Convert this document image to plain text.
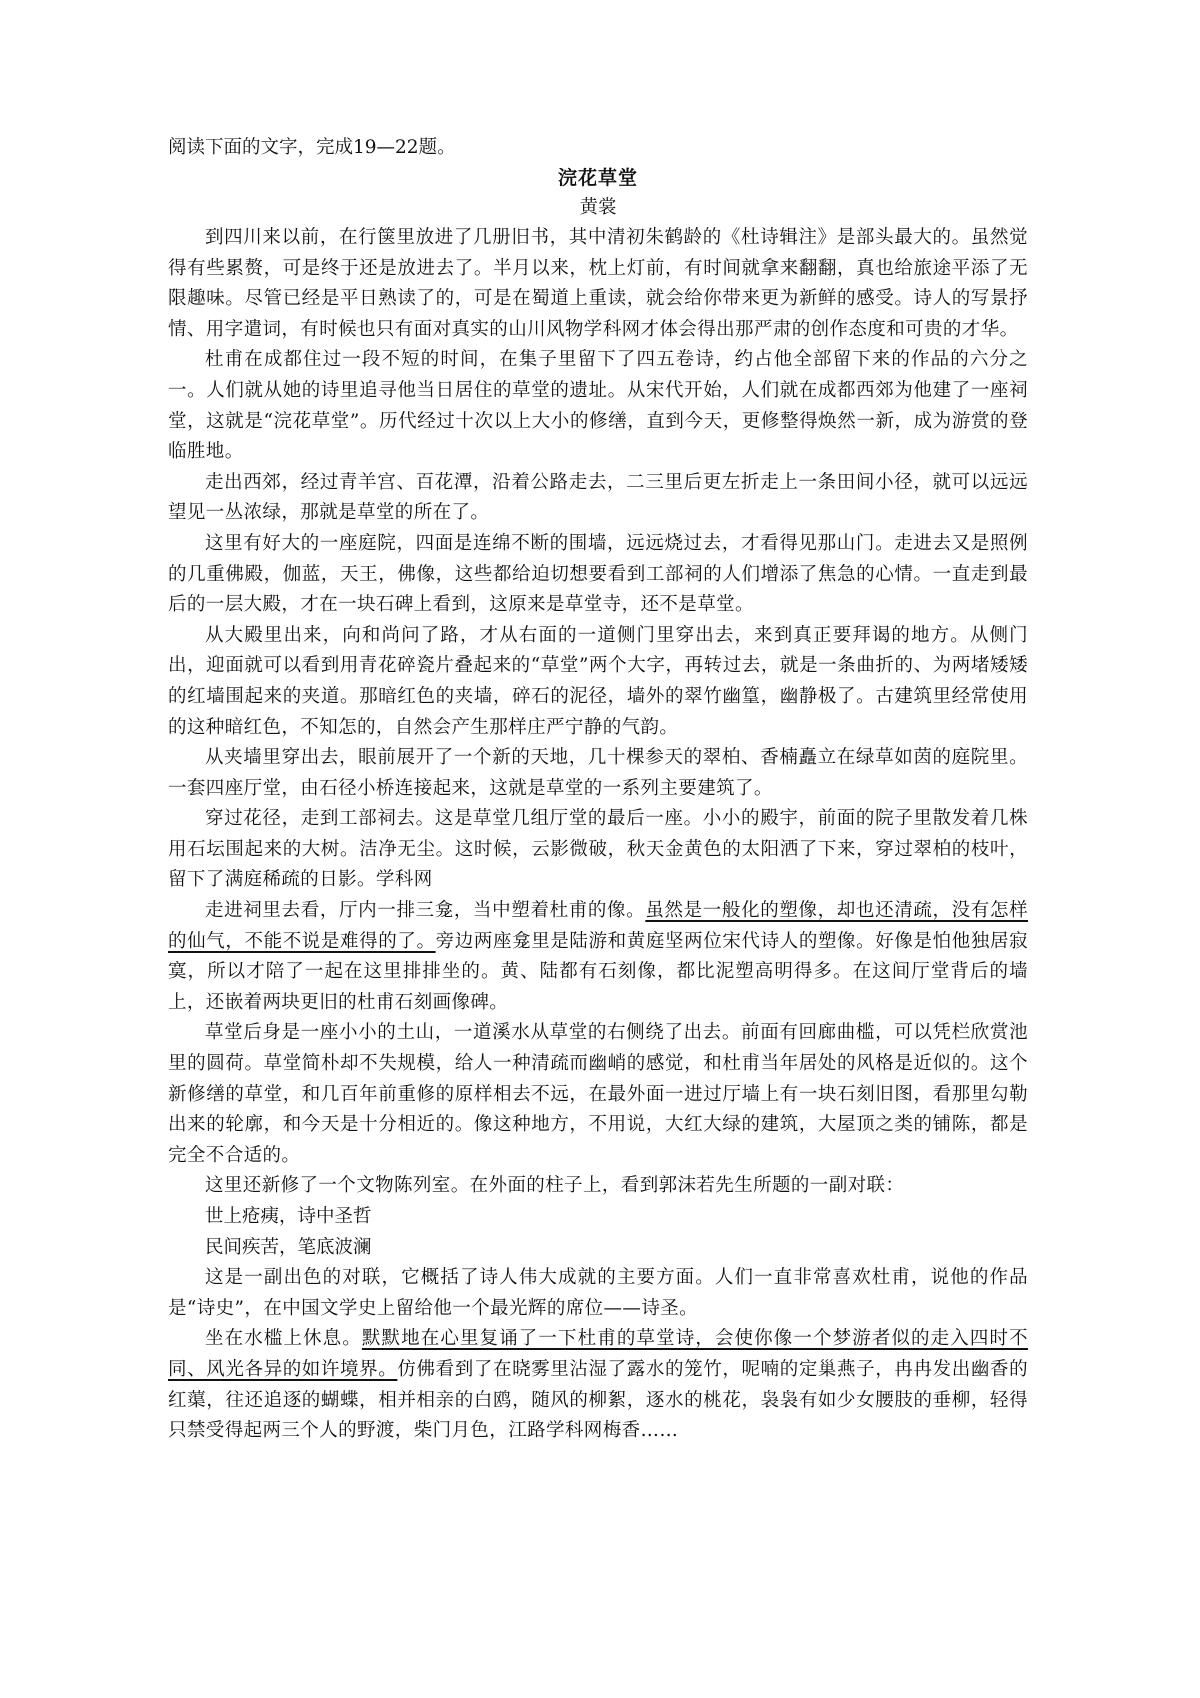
阅读下面的文字，完成19—22题。

浣花草堂

黄裳

到四川来以前，在行箧里放进了几册旧书，其中清初朱鹤龄的《杜诗辑注》是部头最大的。虽然觉得有些累赘，可是终于还是放进去了。半月以来，枕上灯前，有时间就拿来翻翻，真也给旅途平添了无限趣味。尽管已经是平日熟读了的，可是在蜀道上重读，就会给你带来更为新鲜的感受。诗人的写景抒情、用字遣词，有时候也只有面对真实的山川风物学科网才体会得出那严肃的创作态度和可贵的才华。

杜甫在成都住过一段不短的时间，在集子里留下了四五卷诗，约占他全部留下来的作品的六分之一。人们就从她的诗里追寻他当日居住的草堂的遗址。从宋代开始，人们就在成都西郊为他建了一座祠堂，这就是“浣花草堂”。历代经过十次以上大小的修缮，直到今天，更修整得焕然一新，成为游赏的登临胜地。

走出西郊，经过青羊宫、百花潭，沿着公路走去，二三里后更左折走上一条田间小径，就可以远远望见一丛浓绿，那就是草堂的所在了。

这里有好大的一座庭院，四面是连绵不断的围墙，远远烧过去，才看得见那山门。走进去又是照例的几重佛殿，伽蓝，天王，佛像，这些都给迫切想要看到工部祠的人们增添了焦急的心情。一直走到最后的一层大殿，才在一块石碑上看到，这原来是草堂寺，还不是草堂。

从大殿里出来，向和尚问了路，才从右面的一道侧门里穿出去，来到真正要拜谒的地方。从侧门出，迎面就可以看到用青花碎瓷片叠起来的“草堂”两个大字，再转过去，就是一条曲折的、为两堵矮矮的红墙围起来的夹道。那暗红色的夹墙，碎石的泥径，墙外的翠竹幽篁，幽静极了。古建筑里经常使用的这种暗红色，不知怎的，自然会产生那样庄严宁静的气韵。

从夹墙里穿出去，眼前展开了一个新的天地，几十棵参天的翠柏、香楠矗立在绿草如茵的庭院里。一套四座厅堂，由石径小桥连接起来，这就是草堂的一系列主要建筑了。

穿过花径，走到工部祠去。这是草堂几组厅堂的最后一座。小小的殿宇，前面的院子里散发着几株用石坛围起来的大树。洁净无尘。这时候，云影微破，秋天金黄色的太阳洒了下来，穿过翠柏的枝叶，留下了满庭稀疏的日影。学科网

走进祠里去看，厅内一排三龛，当中塑着杜甫的像。虽然是一般化的塑像，却也还清疏，没有怎样的仙气，不能不说是难得的了。旁边两座龛里是陆游和黄庭坚两位宋代诗人的塑像。好像是怕他独居寂寞，所以才陪了一起在这里排排坐的。黄、陆都有石刻像，都比泥塑高明得多。在这间厅堂背后的墙上，还嵌着两块更旧的杜甫石刻画像碑。

草堂后身是一座小小的土山，一道溪水从草堂的右侧绕了出去。前面有回廊曲槛，可以凭栏欣赏池里的圆荷。草堂简朴却不失规模，给人一种清疏而幽峭的感觉，和杜甫当年居处的风格是近似的。这个新修缮的草堂，和几百年前重修的原样相去不远，在最外面一进过厅墙上有一块石刻旧图，看那里勾勒出来的轮廓，和今天是十分相近的。像这种地方，不用说，大红大绿的建筑，大屋顶之类的铺陈，都是完全不合适的。

这里还新修了一个文物陈列室。在外面的柱子上，看到郭沫若先生所题的一副对联：

世上疮痍，诗中圣哲

民间疾苦，笔底波澜

这是一副出色的对联，它概括了诗人伟大成就的主要方面。人们一直非常喜欢杜甫，说他的作品是“诗史”，在中国文学史上留给他一个最光辉的席位——诗圣。

坐在水槛上休息。默默地在心里复诵了一下杜甫的草堂诗，会使你像一个梦游者似的走入四时不同、风光各异的如许境界。仿佛看到了在晓雾里沾湿了露水的笼竹，呢喃的定巢燕子，冉冉发出幽香的红蕖，往还追逐的蝴蝶，相并相亲的白鸥，随风的柳絮，逐水的桃花，袅袅有如少女腰肢的垂柳，轻得只禁受得起两三个人的野渡，柴门月色，江路学科网梅香……
